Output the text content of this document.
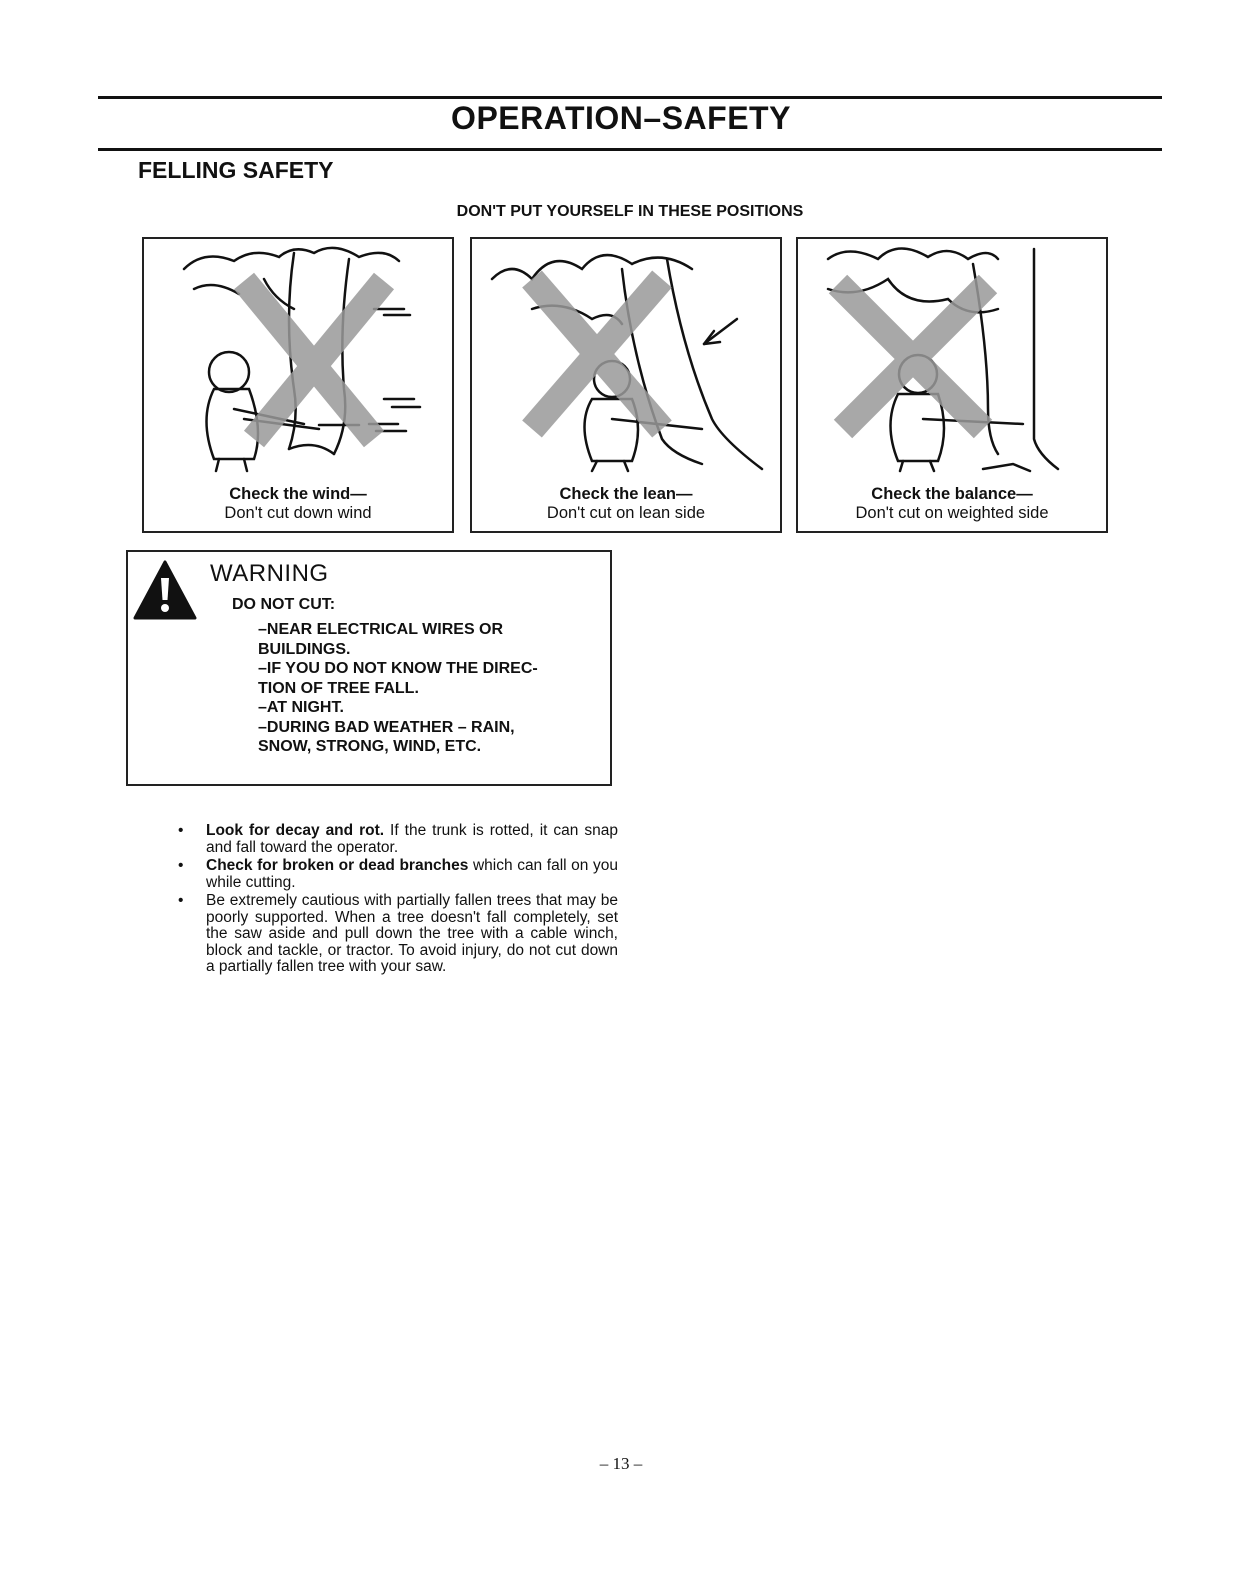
OPERATION–SAFETY
FELLING SAFETY
DON'T PUT YOURSELF IN THESE POSITIONS
Check the wind—
Don't cut down wind
Check the lean—
Don't cut on lean side
Check the balance—
Don't cut on weighted side
WARNING
DO NOT CUT:
–NEAR ELECTRICAL WIRES OR
BUILDINGS.
–IF YOU DO NOT KNOW THE DIREC-
TION OF TREE FALL.
–AT NIGHT.
–DURING BAD WEATHER – RAIN,
SNOW, STRONG, WIND, ETC.
• Look for decay and rot. If the trunk is rotted, it can snap and fall toward the operator.
• Check for broken or dead branches which can fall on you while cutting.
• Be extremely cautious with partially fallen trees that may be poorly supported. When a tree doesn't fall completely, set the saw aside and pull down the tree with a cable winch, block and tackle, or tractor. To avoid injury, do not cut down a partially fallen tree with your saw.
– 13 –
